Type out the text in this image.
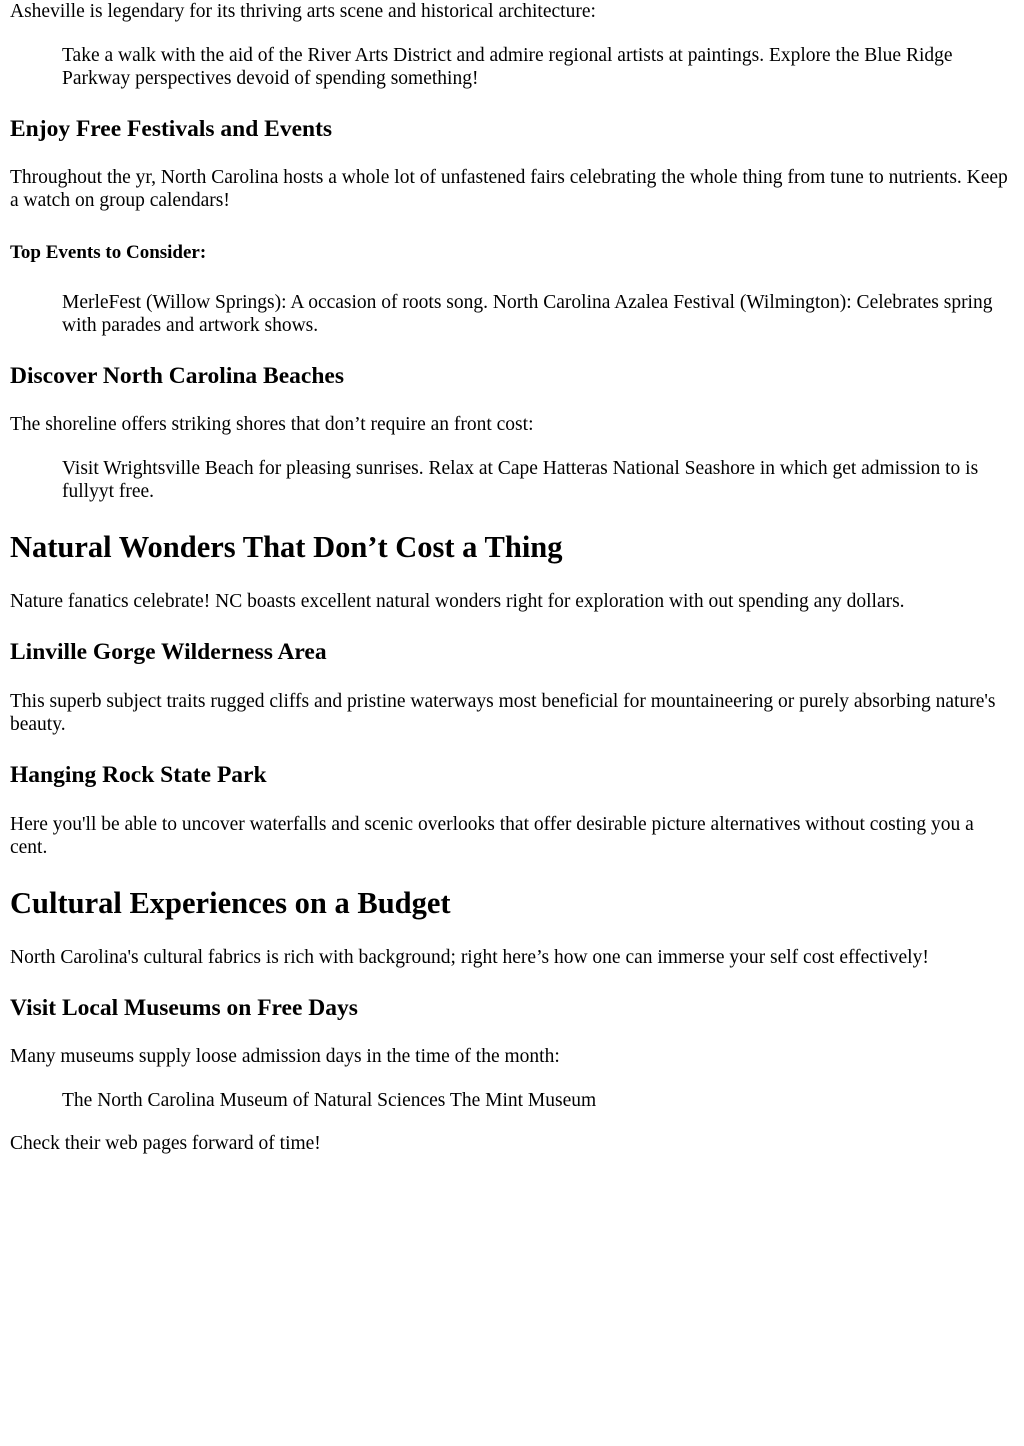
Asheville is legendary for its thriving arts scene and historical architecture:

Take a walk with the aid of the River Arts District and admire regional artists at paintings. Explore the Blue Ridge Parkway perspectives devoid of spending something!
Enjoy Free Festivals and Events

Throughout the yr, North Carolina hosts a whole lot of unfastened fairs celebrating the whole thing from tune to nutrients. Keep a watch on group calendars!

Top Events to Consider:
MerleFest (Willow Springs): A occasion of roots song. North Carolina Azalea Festival (Wilmington): Celebrates spring with parades and artwork shows.
Discover North Carolina Beaches

The shoreline offers striking shores that don’t require an front cost:

Visit Wrightsville Beach for pleasing sunrises. Relax at Cape Hatteras National Seashore in which get admission to is fullyyt free.
Natural Wonders That Don’t Cost a Thing

Nature fanatics celebrate! NC boasts excellent natural wonders right for exploration with out spending any dollars.

Linville Gorge Wilderness Area

This superb subject traits rugged cliffs and pristine waterways most beneficial for mountaineering or purely absorbing nature's beauty.

Hanging Rock State Park

Here you'll be able to uncover waterfalls and scenic overlooks that offer desirable picture alternatives without costing you a cent.

Cultural Experiences on a Budget

North Carolina's cultural fabrics is rich with background; right here’s how one can immerse your self cost effectively!

Visit Local Museums on Free Days

Many museums supply loose admission days in the time of the month:

The North Carolina Museum of Natural Sciences The Mint Museum

Check their web pages forward of time!
